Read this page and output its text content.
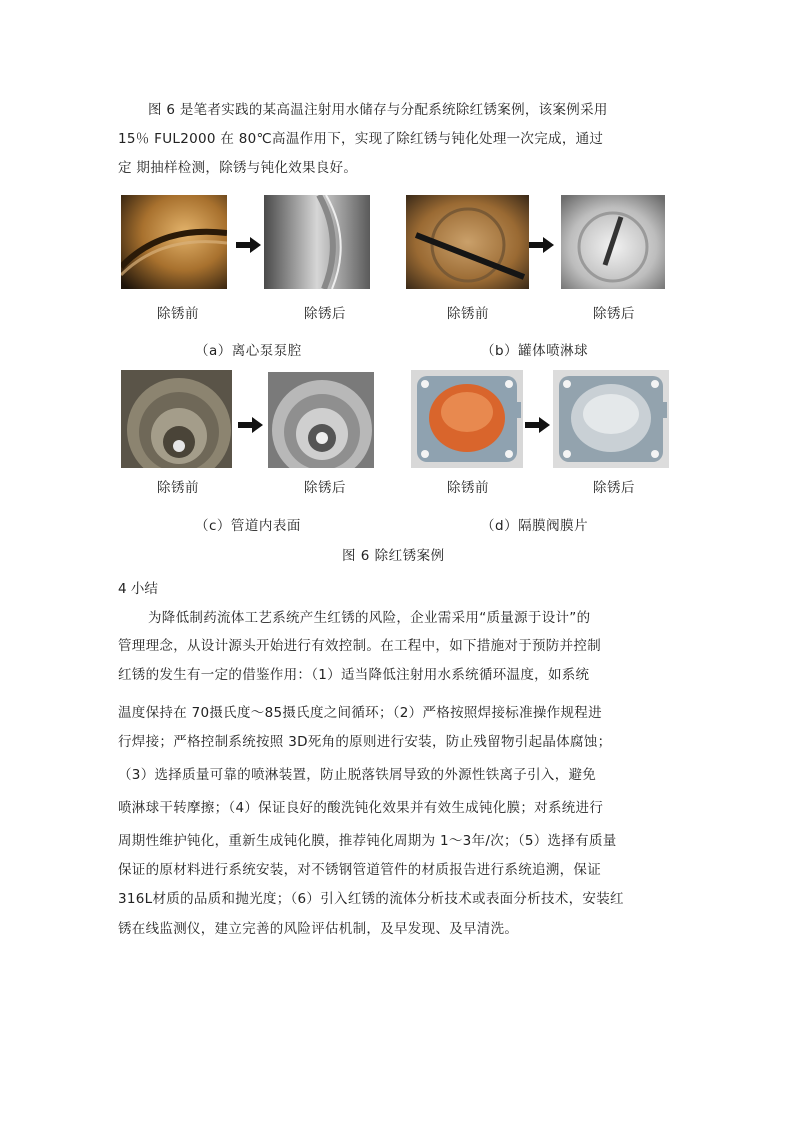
图 6 是笔者实践的某高温注射用水储存与分配系统除红锈案例，该案例采用
15％ FUL2000 在 80℃高温作用下，实现了除红锈与钝化处理一次完成，通过
定 期抽样检测，除锈与钝化效果良好。
除锈前	除锈后	除锈前	除锈后
（a）离心泵泵腔	（b）罐体喷淋球
除锈前	除锈后	除锈前	除锈后
（c）管道内表面	（d）隔膜阀膜片
图 6 除红锈案例
4 小结
为降低制药流体工艺系统产生红锈的风险，企业需采用“质量源于设计”的
管理理念，从设计源头开始进行有效控制。在工程中，如下措施对于预防并控制
红锈的发生有一定的借鉴作用：（1）适当降低注射用水系统循环温度，如系统
温度保持在 70摄氏度～85摄氏度之间循环；（2）严格按照焊接标准操作规程进
行焊接；严格控制系统按照 3D死角的原则进行安装，防止残留物引起晶体腐蚀；
（3）选择质量可靠的喷淋装置，防止脱落铁屑导致的外源性铁离子引入，避免
喷淋球干转摩擦；（4）保证良好的酸洗钝化效果并有效生成钝化膜；对系统进行
周期性维护钝化，重新生成钝化膜，推荐钝化周期为 1～3年/次；（5）选择有质量
保证的原材料进行系统安装，对不锈钢管道管件的材质报告进行系统追溯，保证
316L材质的品质和抛光度；（6）引入红锈的流体分析技术或表面分析技术，安装红
锈在线监测仪，建立完善的风险评估机制，及早发现、及早清洗。
